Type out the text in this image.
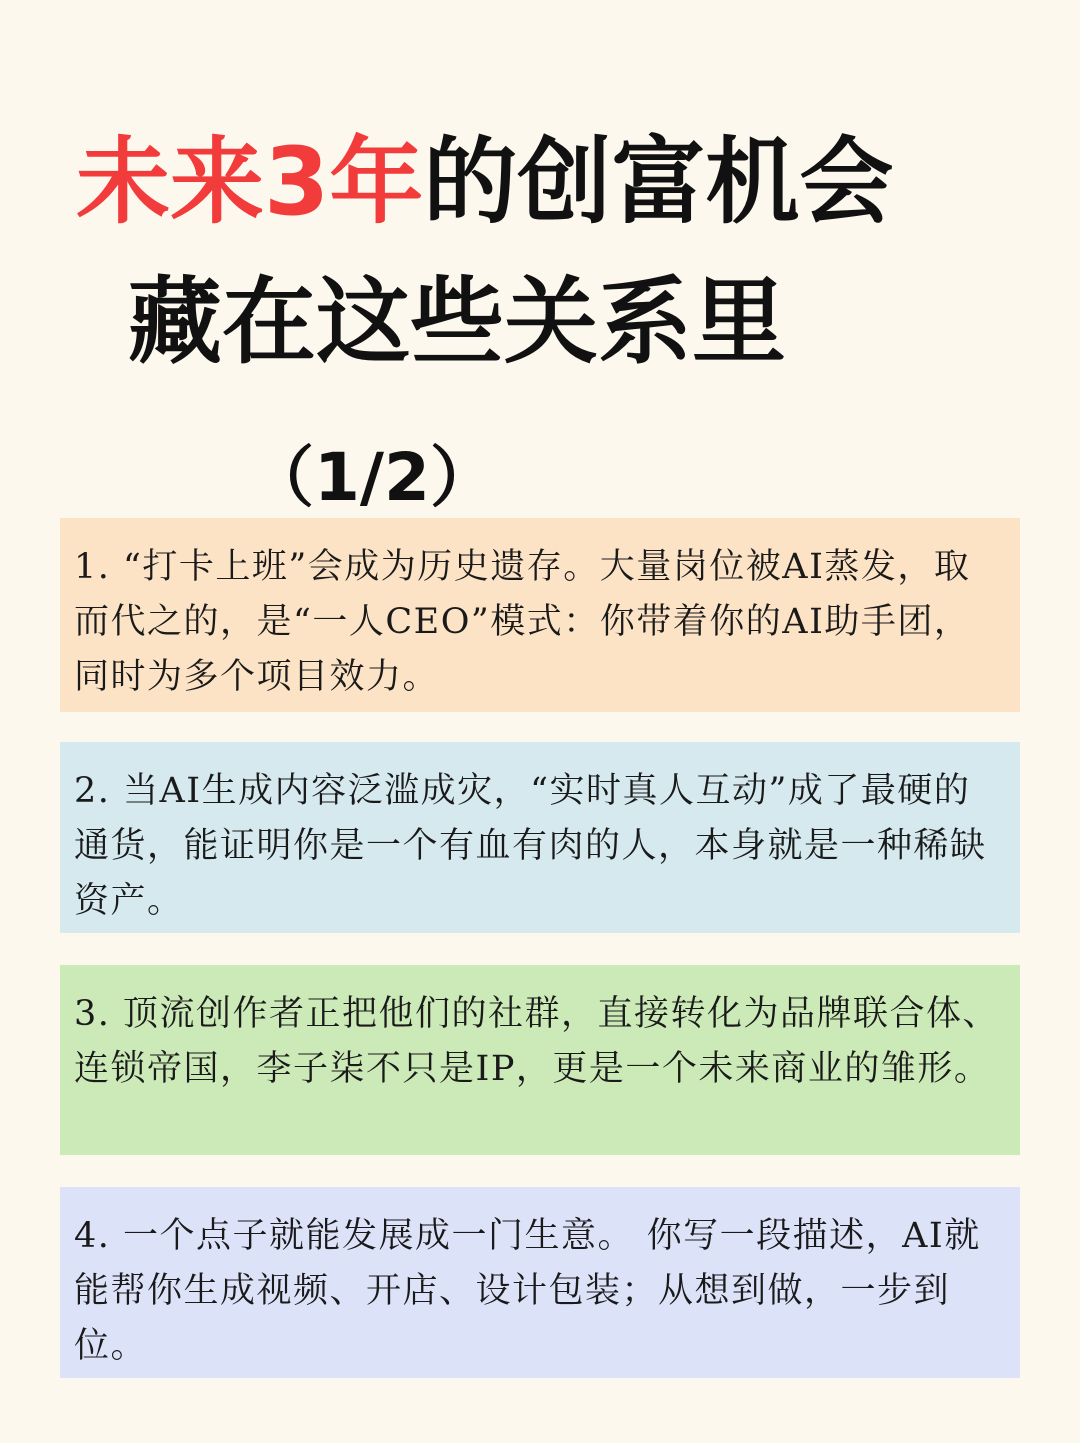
未来3年的创富机会
藏在这些关系里
（1/2）

1. “打卡上班”会成为历史遗存。大量岗位被AI蒸发，取而代之的，是“一人CEO”模式：你带着你的AI助手团，同时为多个项目效力。

2. 当AI生成内容泛滥成灾，“实时真人互动”成了最硬的通货，能证明你是一个有血有肉的人，本身就是一种稀缺资产。

3. 顶流创作者正把他们的社群，直接转化为品牌联合体、连锁帝国，李子柒不只是IP，更是一个未来商业的雏形。

4. 一个点子就能发展成一门生意。 你写一段描述，AI就能帮你生成视频、开店、设计包装；从想到做，一步到位。
